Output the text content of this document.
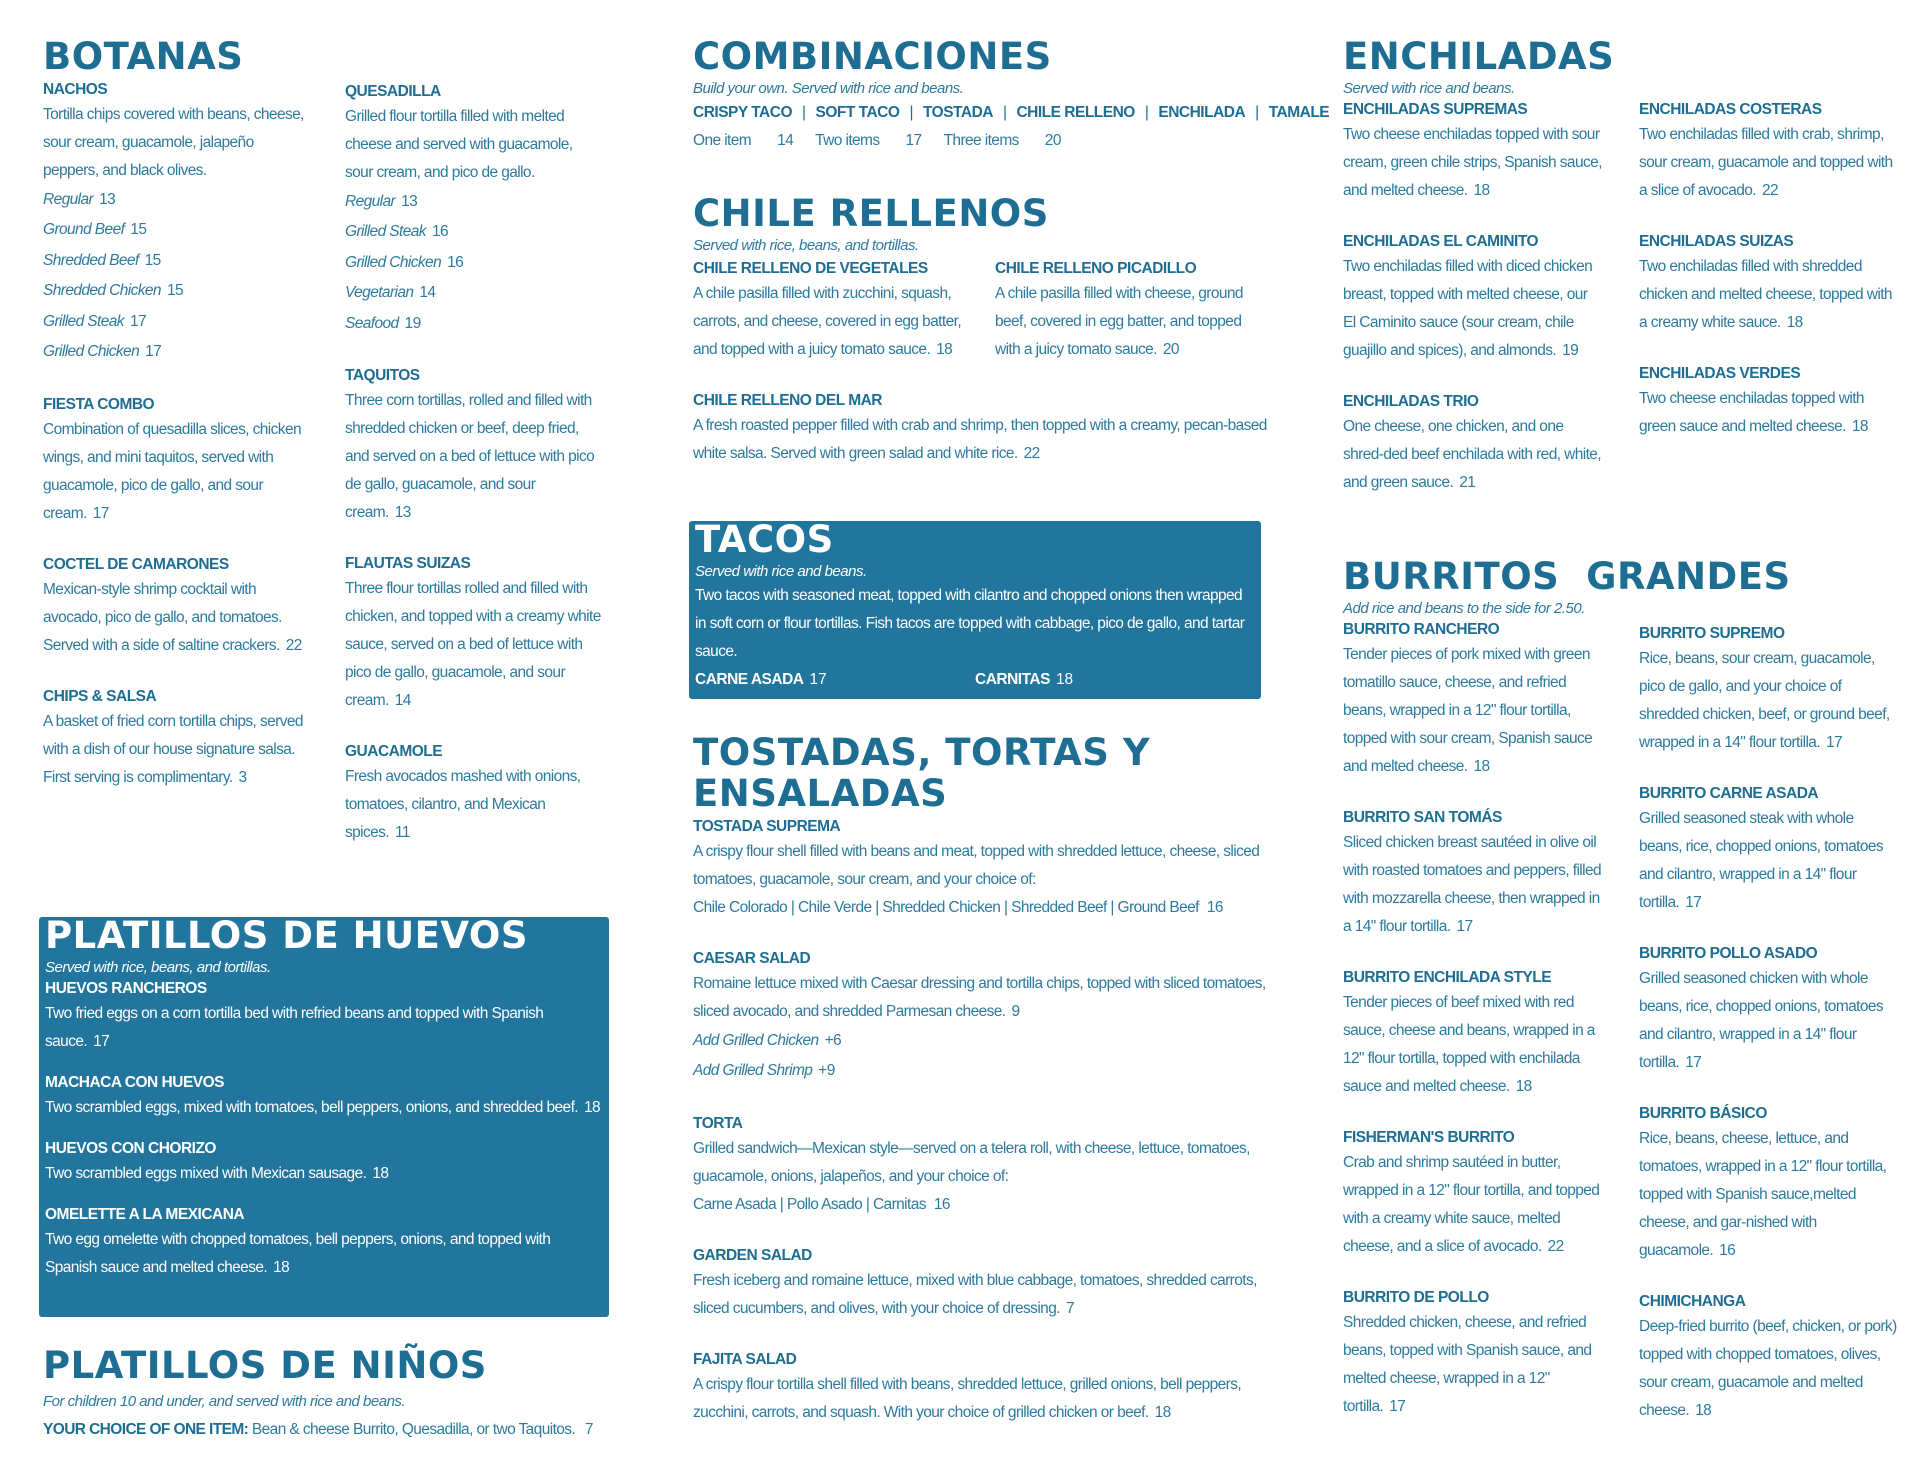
BOTANAS
NACHOS
Tortilla chips covered with beans, cheese, sour cream, guacamole, jalapeño peppers, and black olives.
Regular 13
Ground Beef 15
Shredded Beef 15
Shredded Chicken 15
Grilled Steak 17
Grilled Chicken 17
FIESTA COMBO
Combination of quesadilla slices, chicken wings, and mini taquitos, served with guacamole, pico de gallo, and sour cream. 17
COCTEL DE CAMARONES
Mexican-style shrimp cocktail with avocado, pico de gallo, and tomatoes. Served with a side of saltine crackers. 22
CHIPS & SALSA
A basket of fried corn tortilla chips, served with a dish of our house signature salsa. First serving is complimentary. 3
QUESADILLA
Grilled flour tortilla filled with melted cheese and served with guacamole, sour cream, and pico de gallo.
Regular 13
Grilled Steak 16
Grilled Chicken 16
Vegetarian 14
Seafood 19
TAQUITOS
Three corn tortillas, rolled and filled with shredded chicken or beef, deep fried, and served on a bed of lettuce with pico de gallo, guacamole, and sour cream. 13
FLAUTAS SUIZAS
Three flour tortillas rolled and filled with chicken, and topped with a creamy white sauce, served on a bed of lettuce with pico de gallo, guacamole, and sour cream. 14
GUACAMOLE
Fresh avocados mashed with onions, tomatoes, cilantro, and Mexican spices. 11
PLATILLOS DE HUEVOS
Served with rice, beans, and tortillas.
HUEVOS RANCHEROS
Two fried eggs on a corn tortilla bed with refried beans and topped with Spanish sauce. 17
MACHACA CON HUEVOS
Two scrambled eggs, mixed with tomatoes, bell peppers, onions, and shredded beef. 18
HUEVOS CON CHORIZO
Two scrambled eggs mixed with Mexican sausage. 18
OMELETTE A LA MEXICANA
Two egg omelette with chopped tomatoes, bell peppers, onions, and topped with Spanish sauce and melted cheese. 18
PLATILLOS DE NIÑOS
For children 10 and under, and served with rice and beans.
YOUR CHOICE OF ONE ITEM: Bean & cheese Burrito, Quesadilla, or two Taquitos. 7
COMBINACIONES
Build your own. Served with rice and beans.
CRISPY TACO | SOFT TACO | TOSTADA | CHILE RELLENO | ENCHILADA | TAMALE
One item 14 Two items 17 Three items 20
CHILE RELLENOS
Served with rice, beans, and tortillas.
CHILE RELLENO DE VEGETALES
A chile pasilla filled with zucchini, squash, carrots, and cheese, covered in egg batter, and topped with a juicy tomato sauce. 18
CHILE RELLENO PICADILLO
A chile pasilla filled with cheese, ground beef, covered in egg batter, and topped with a juicy tomato sauce. 20
CHILE RELLENO DEL MAR
A fresh roasted pepper filled with crab and shrimp, then topped with a creamy, pecan-based white salsa. Served with green salad and white rice. 22
TACOS
Served with rice and beans.
Two tacos with seasoned meat, topped with cilantro and chopped onions then wrapped in soft corn or flour tortillas. Fish tacos are topped with cabbage, pico de gallo, and tartar sauce.
CARNE ASADA 17	CARNITAS 18
POLLO ASADO 17	PESCADO 18
TOSTADAS, TORTAS Y
ENSALADAS
TOSTADA SUPREMA
A crispy flour shell filled with beans and meat, topped with shredded lettuce, cheese, sliced tomatoes, guacamole, sour cream, and your choice of:
Chile Colorado | Chile Verde | Shredded Chicken | Shredded Beef | Ground Beef 16
CAESAR SALAD
Romaine lettuce mixed with Caesar dressing and tortilla chips, topped with sliced tomatoes, sliced avocado, and shredded Parmesan cheese. 9
Add Grilled Chicken +6
Add Grilled Shrimp +9
TORTA
Grilled sandwich—Mexican style—served on a telera roll, with cheese, lettuce, tomatoes, guacamole, onions, jalapeños, and your choice of:
Carne Asada | Pollo Asado | Carnitas 16
GARDEN SALAD
Fresh iceberg and romaine lettuce, mixed with blue cabbage, tomatoes, shredded carrots, sliced cucumbers, and olives, with your choice of dressing. 7
FAJITA SALAD
A crispy flour tortilla shell filled with beans, shredded lettuce, grilled onions, bell peppers, zucchini, carrots, and squash. With your choice of grilled chicken or beef. 18
ENCHILADAS
Served with rice and beans.
ENCHILADAS SUPREMAS
Two cheese enchiladas topped with sour cream, green chile strips, Spanish sauce, and melted cheese. 18
ENCHILADAS EL CAMINITO
Two enchiladas filled with diced chicken breast, topped with melted cheese, our El Caminito sauce (sour cream, chile guajillo and spices), and almonds. 19
ENCHILADAS TRIO
One cheese, one chicken, and one shred-ded beef enchilada with red, white, and green sauce. 21
ENCHILADAS COSTERAS
Two enchiladas filled with crab, shrimp, sour cream, guacamole and topped with a slice of avocado. 22
ENCHILADAS SUIZAS
Two enchiladas filled with shredded chicken and melted cheese, topped with a creamy white sauce. 18
ENCHILADAS VERDES
Two cheese enchiladas topped with green sauce and melted cheese. 18
BURRITOS  GRANDES
Add rice and beans to the side for 2.50.
BURRITO RANCHERO
Tender pieces of pork mixed with green tomatillo sauce, cheese, and refried beans, wrapped in a 12" flour tortilla, topped with sour cream, Spanish sauce and melted cheese. 18
BURRITO SAN TOMÁS
Sliced chicken breast sautéed in olive oil with roasted tomatoes and peppers, filled with mozzarella cheese, then wrapped in a 14" flour tortilla. 17
BURRITO ENCHILADA STYLE
Tender pieces of beef mixed with red sauce, cheese and beans, wrapped in a 12" flour tortilla, topped with enchilada sauce and melted cheese. 18
FISHERMAN'S BURRITO
Crab and shrimp sautéed in butter, wrapped in a 12" flour tortilla, and topped with a creamy white sauce, melted cheese, and a slice of avocado. 22
BURRITO DE POLLO
Shredded chicken, cheese, and refried beans, topped with Spanish sauce, and melted cheese, wrapped in a 12" tortilla. 17
BURRITO SUPREMO
Rice, beans, sour cream, guacamole, pico de gallo, and your choice of shredded chicken, beef, or ground beef, wrapped in a 14" flour tortilla. 17
BURRITO CARNE ASADA
Grilled seasoned steak with whole beans, rice, chopped onions, tomatoes and cilantro, wrapped in a 14" flour tortilla. 17
BURRITO POLLO ASADO
Grilled seasoned chicken with whole beans, rice, chopped onions, tomatoes and cilantro, wrapped in a 14" flour tortilla. 17
BURRITO BÁSICO
Rice, beans, cheese, lettuce, and tomatoes, wrapped in a 12" flour tortilla, topped with Spanish sauce,melted cheese, and gar-nished with guacamole. 16
CHIMICHANGA
Deep-fried burrito (beef, chicken, or pork) topped with chopped tomatoes, olives, sour cream, guacamole and melted cheese. 18
